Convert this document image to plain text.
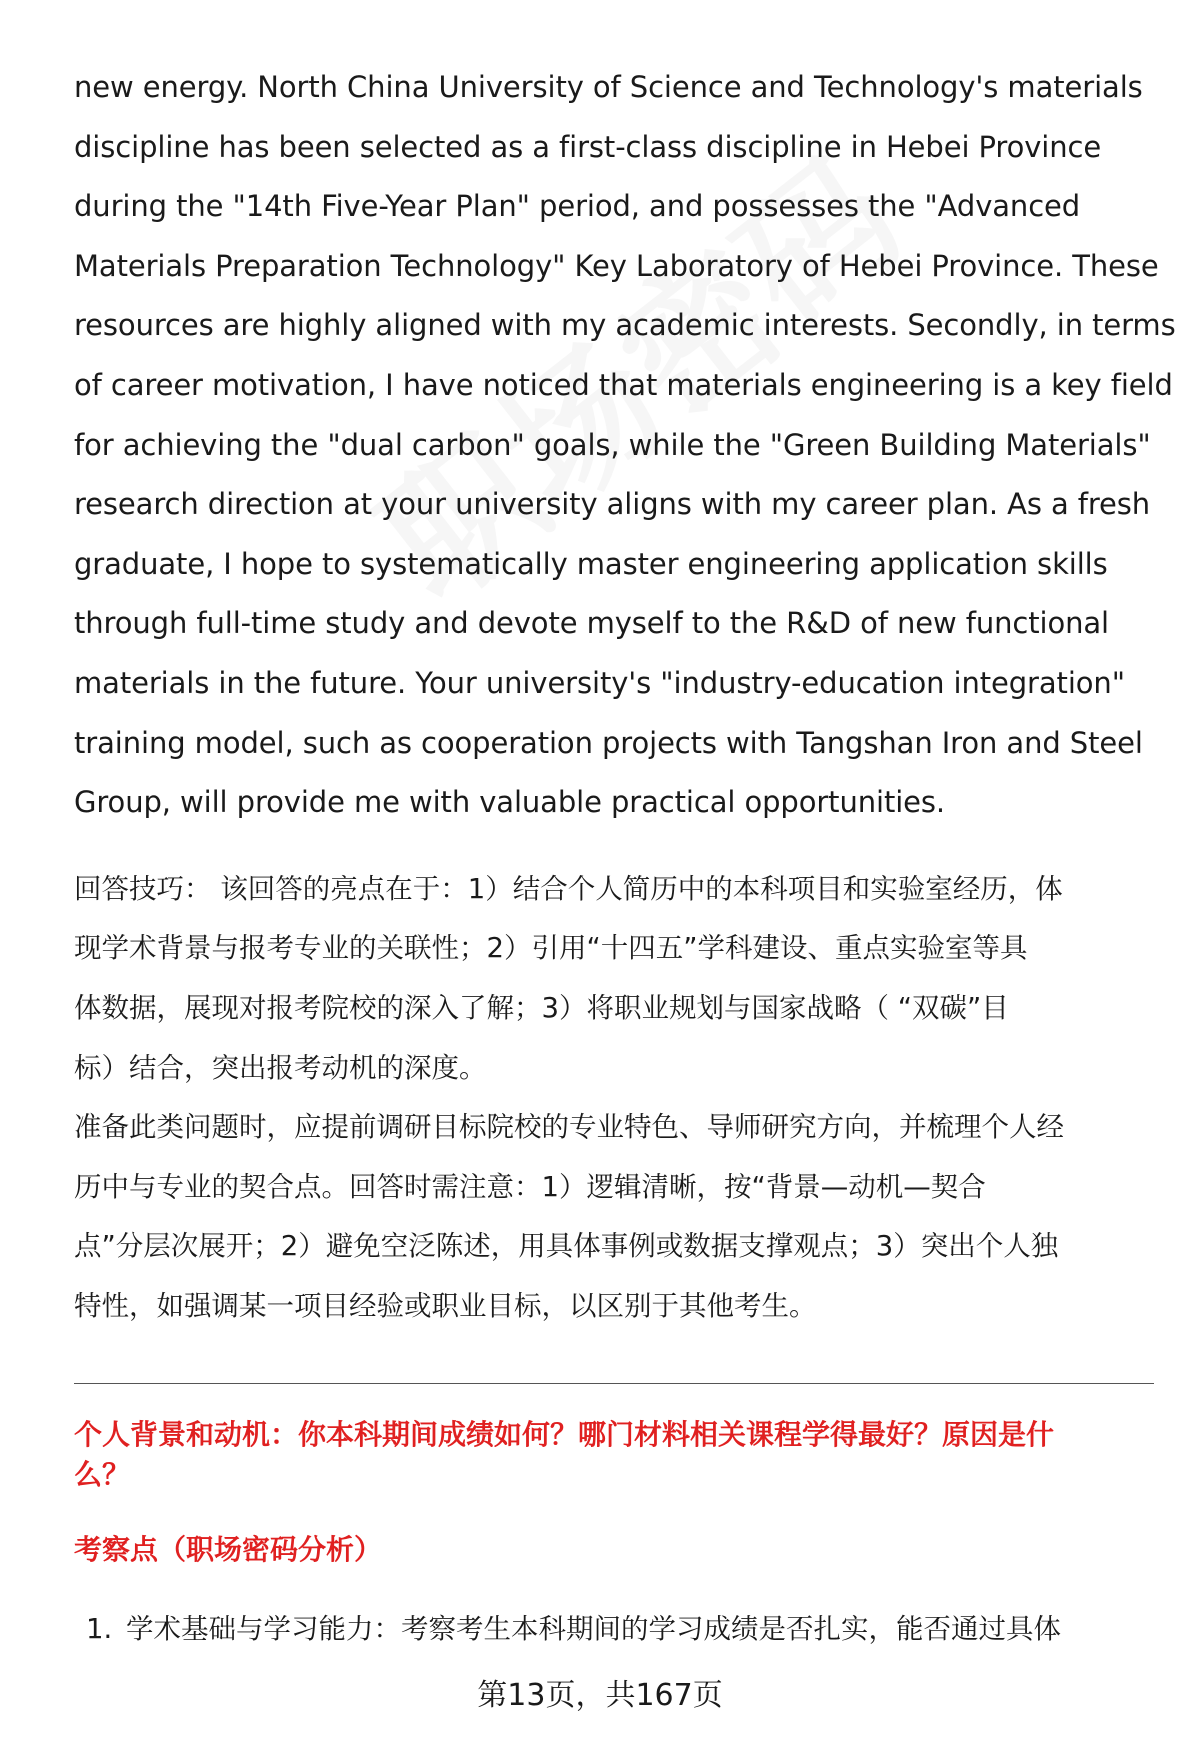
new energy. North China University of Science and Technology's materials
discipline has been selected as a first-class discipline in Hebei Province
during the "14th Five-Year Plan" period, and possesses the "Advanced
Materials Preparation Technology" Key Laboratory of Hebei Province. These
resources are highly aligned with my academic interests. Secondly, in terms
of career motivation, I have noticed that materials engineering is a key field
for achieving the "dual carbon" goals, while the "Green Building Materials"
research direction at your university aligns with my career plan. As a fresh
graduate, I hope to systematically master engineering application skills
through full-time study and devote myself to the R&D of new functional
materials in the future. Your university's "industry-education integration"
training model, such as cooperation projects with Tangshan Iron and Steel
Group, will provide me with valuable practical opportunities.

回答技巧： 该回答的亮点在于：1）结合个人简历中的本科项目和实验室经历，体
现学术背景与报考专业的关联性；2）引用“十四五”学科建设、重点实验室等具
体数据，展现对报考院校的深入了解；3）将职业规划与国家战略（ “双碳”目
标）结合，突出报考动机的深度。
准备此类问题时，应提前调研目标院校的专业特色、导师研究方向，并梳理个人经
历中与专业的契合点。回答时需注意：1）逻辑清晰，按“背景—动机—契合
点”分层次展开；2）避免空泛陈述，用具体事例或数据支撑观点；3）突出个人独
特性，如强调某一项目经验或职业目标，以区别于其他考生。
个人背景和动机：你本科期间成绩如何？哪门材料相关课程学得最好？原因是什
么？
考察点（职场密码分析）
1. 学术基础与学习能力：考察考生本科期间的学习成绩是否扎实，能否通过具体
第13页，共167页
